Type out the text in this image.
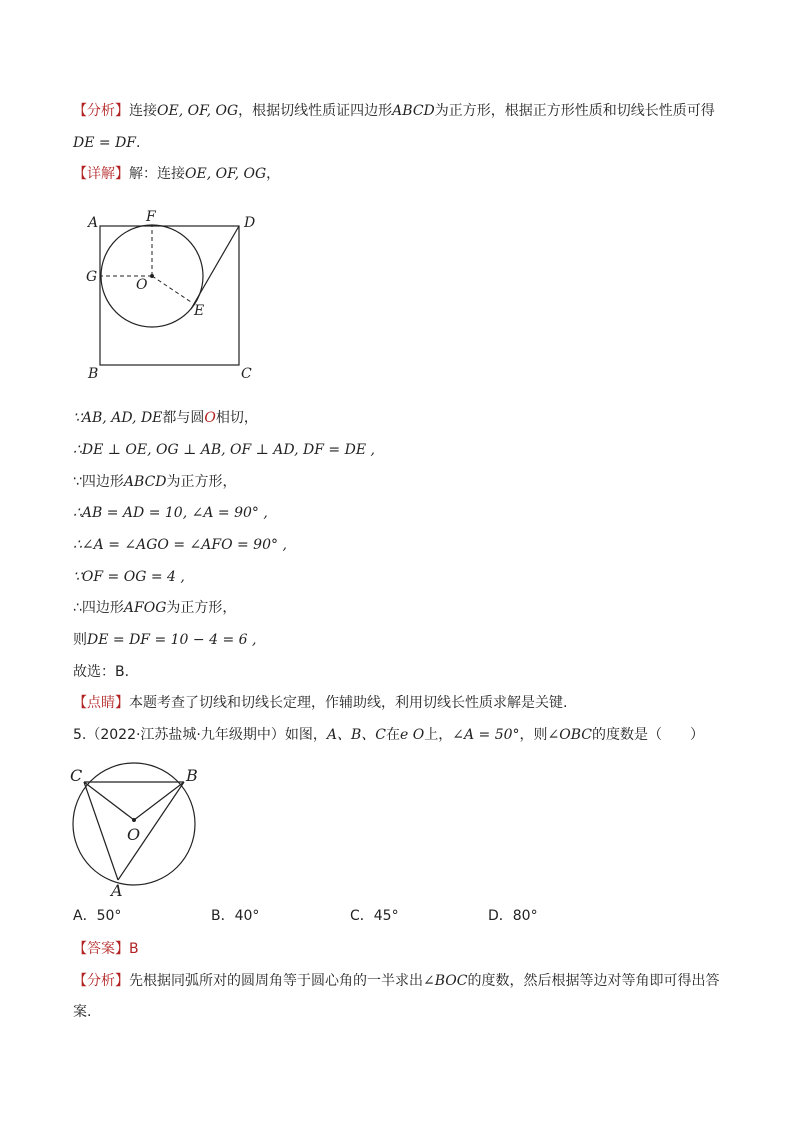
【分析】连接OE, OF, OG，根据切线性质证四边形ABCD为正方形，根据正方形性质和切线长性质可得
DE = DF.
【详解】解：连接OE, OF, OG，
A	F	D
G	O
E
B	C
∵AB, AD, DE都与圆O相切，
∴DE ⊥ OE, OG ⊥ AB, OF ⊥ AD, DF = DE ,
∵四边形ABCD为正方形，
∴AB = AD = 10, ∠A = 90° ,
∴∠A = ∠AGO = ∠AFO = 90° ,
∵OF = OG = 4 ,
∴四边形AFOG为正方形，
则DE = DF = 10 − 4 = 6 ,
故选：B.
【点睛】本题考查了切线和切线长定理，作辅助线，利用切线长性质求解是关键.
5.（2022·江苏盐城·九年级期中）如图，A、B、C在e O上，∠A = 50°，则∠OBC的度数是（　　）
C	B
O
A
A．50°	B．40°	C．45°	D．80°
【答案】B
【分析】先根据同弧所对的圆周角等于圆心角的一半求出∠BOC的度数，然后根据等边对等角即可得出答
案.
